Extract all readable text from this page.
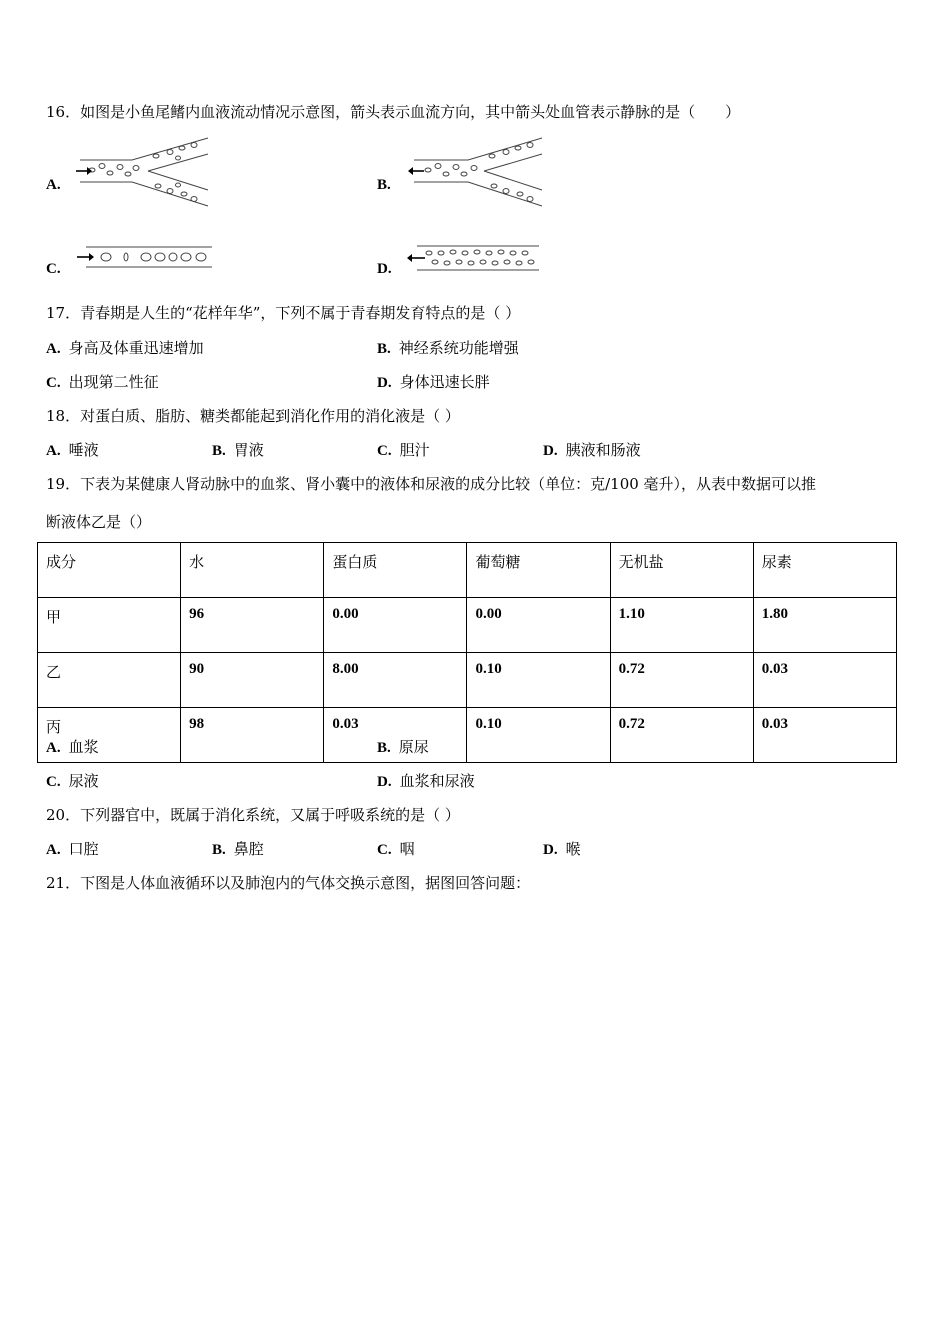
16．如图是小鱼尾鳍内血液流动情况示意图，箭头表示血流方向，其中箭头处血管表示静脉的是（　　）
A.	B.
C.	D.
17．青春期是人生的“花样年华”，下列不属于青春期发育特点的是（ ）
A. 身高及体重迅速增加	B. 神经系统功能增强
C. 出现第二性征	D. 身体迅速长胖
18．对蛋白质、脂肪、糖类都能起到消化作用的消化液是（ ）
A. 唾液	B. 胃液	C. 胆汁	D. 胰液和肠液
19．下表为某健康人肾动脉中的血浆、肾小囊中的液体和尿液的成分比较（单位：克/100 毫升），从表中数据可以推
断液体乙是（）
成分	水	蛋白质	葡萄糖	无机盐	尿素
甲	96	0.00	0.00	1.10	1.80
乙	90	8.00	0.10	0.72	0.03
丙	98	0.03	0.10	0.72	0.03
A. 血浆	B. 原尿
C. 尿液	D. 血浆和尿液
20．下列器官中，既属于消化系统，又属于呼吸系统的是（ ）
A. 口腔	B. 鼻腔	C. 咽	D. 喉
21．下图是人体血液循环以及肺泡内的气体交换示意图，据图回答问题：
